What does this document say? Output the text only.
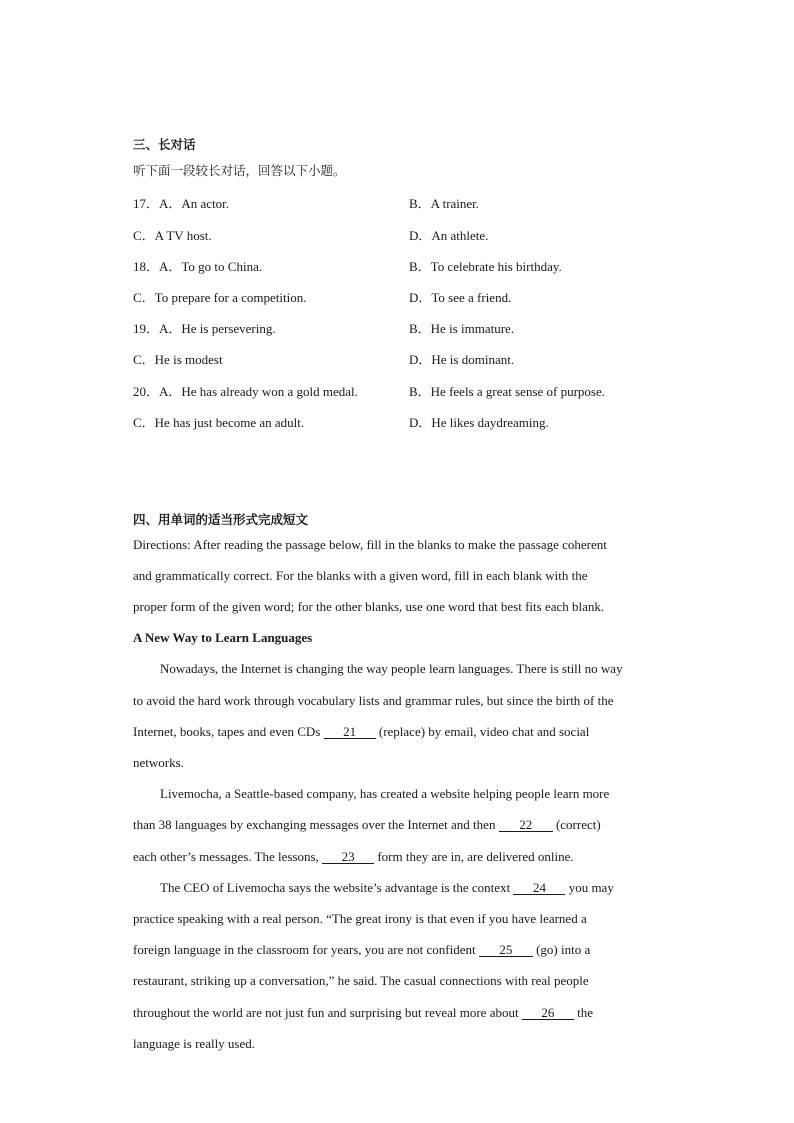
三、长对话
听下面一段较长对话，回答以下小题。
17．A．An actor.	B．A trainer.
C．A TV host.	D．An athlete.
18．A．To go to China.	B．To celebrate his birthday.
C．To prepare for a competition.	D．To see a friend.
19．A．He is persevering.	B．He is immature.
C．He is modest	D．He is dominant.
20．A．He has already won a gold medal.	B．He feels a great sense of purpose.
C．He has just become an adult.	D．He likes daydreaming.
四、用单词的适当形式完成短文
Directions: After reading the passage below, fill in the blanks to make the passage coherent
and grammatically correct. For the blanks with a given word, fill in each blank with the
proper form of the given word; for the other blanks, use one word that best fits each blank.
A New Way to Learn Languages
Nowadays, the Internet is changing the way people learn languages. There is still no way
to avoid the hard work through vocabulary lists and grammar rules, but since the birth of the
Internet, books, tapes and even CDs 21 (replace) by email, video chat and social
networks.
Livemocha, a Seattle-based company, has created a website helping people learn more
than 38 languages by exchanging messages over the Internet and then 22 (correct)
each other’s messages. The lessons, 23 form they are in, are delivered online.
The CEO of Livemocha says the website’s advantage is the context 24 you may
practice speaking with a real person. “The great irony is that even if you have learned a
foreign language in the classroom for years, you are not confident 25 (go) into a
restaurant, striking up a conversation,” he said. The casual connections with real people
throughout the world are not just fun and surprising but reveal more about 26 the
language is really used.
